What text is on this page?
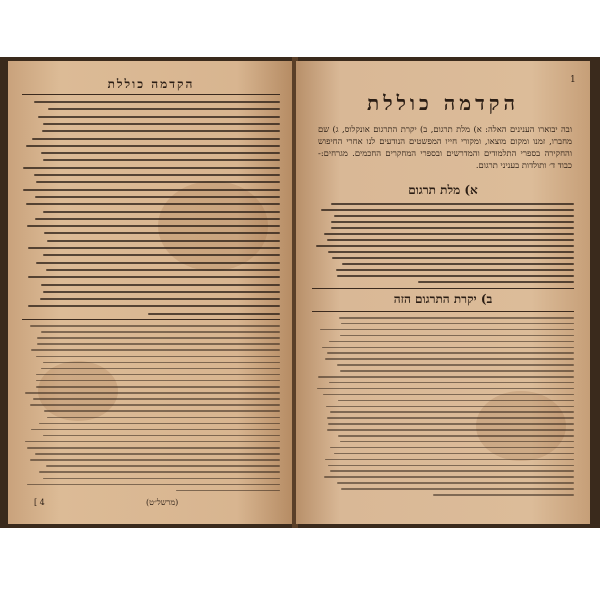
הקדמה כוללת
[ 4	(מרשל״ט)
1
הקדמה כוללת
ובה יבוארו הענינים האלה: א) מלת תרגום, ב) יקרת התרגום אונקלוס, ג) שם מחברו, זמנו ומקום מוצאו, ומקורי חייו המפשטים הנודעים לנו אחרי החיפוש והחקירה בספרי התלמודים והמדרשים ובספרי המחקרים החכמים. מגרחים:-כבוד ד׳ ותולדות בעניני תרגום.
א) מלת תרגום
ב) יקרת התרגום הזה
